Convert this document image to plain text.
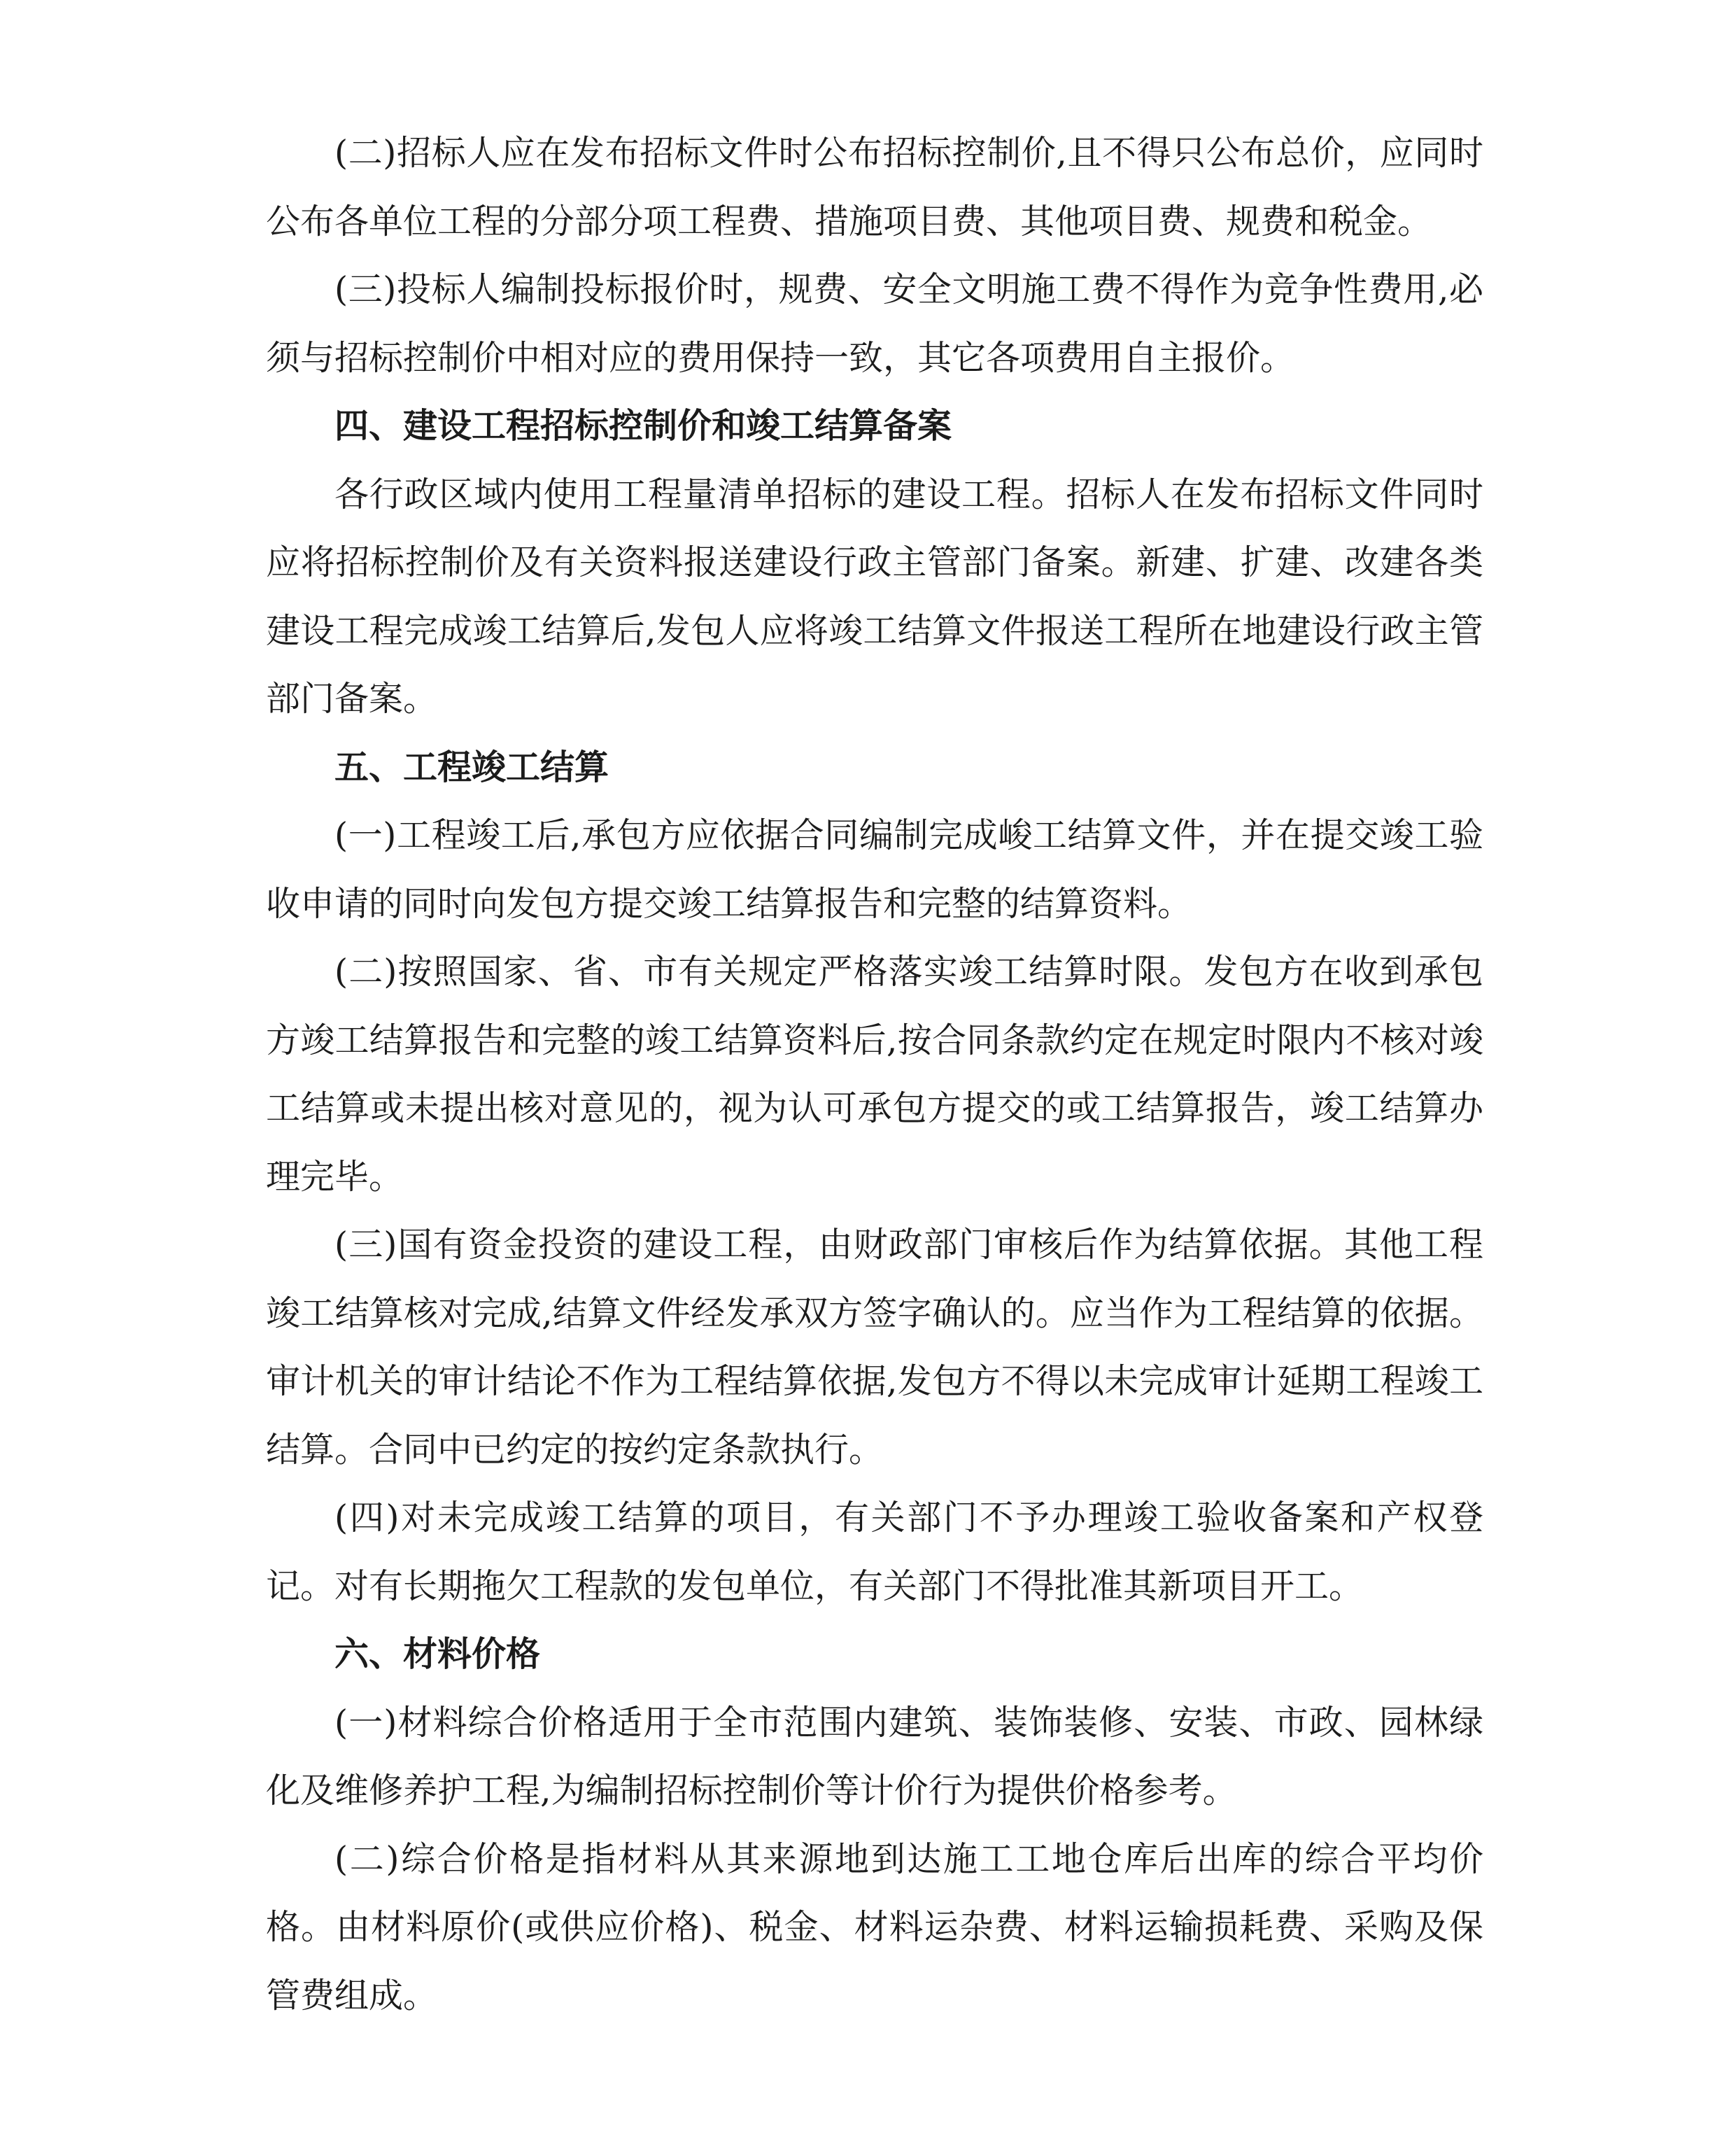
(二)招标人应在发布招标文件时公布招标控制价,且不得只公布总价，应同时公布各单位工程的分部分项工程费、措施项目费、其他项目费、规费和税金。

(三)投标人编制投标报价时，规费、安全文明施工费不得作为竞争性费用,必须与招标控制价中相对应的费用保持一致，其它各项费用自主报价。

四、建设工程招标控制价和竣工结算备案

各行政区域内使用工程量清单招标的建设工程。招标人在发布招标文件同时应将招标控制价及有关资料报送建设行政主管部门备案。新建、扩建、改建各类建设工程完成竣工结算后,发包人应将竣工结算文件报送工程所在地建设行政主管部门备案。

五、工程竣工结算

(一)工程竣工后,承包方应依据合同编制完成峻工结算文件，并在提交竣工验收申请的同时向发包方提交竣工结算报告和完整的结算资料。

(二)按照国家、省、市有关规定严格落实竣工结算时限。发包方在收到承包方竣工结算报告和完整的竣工结算资料后,按合同条款约定在规定时限内不核对竣工结算或未提出核对意见的，视为认可承包方提交的或工结算报告，竣工结算办理完毕。

(三)国有资金投资的建设工程，由财政部门审核后作为结算依据。其他工程竣工结算核对完成,结算文件经发承双方签字确认的。应当作为工程结算的依据。审计机关的审计结论不作为工程结算依据,发包方不得以未完成审计延期工程竣工结算。合同中已约定的按约定条款执行。

(四)对未完成竣工结算的项目，有关部门不予办理竣工验收备案和产权登记。对有长期拖欠工程款的发包单位，有关部门不得批准其新项目开工。

六、材料价格

(一)材料综合价格适用于全市范围内建筑、装饰装修、安装、市政、园林绿化及维修养护工程,为编制招标控制价等计价行为提供价格参考。

(二)综合价格是指材料从其来源地到达施工工地仓库后出库的综合平均价格。由材料原价(或供应价格)、税金、材料运杂费、材料运输损耗费、采购及保管费组成。
